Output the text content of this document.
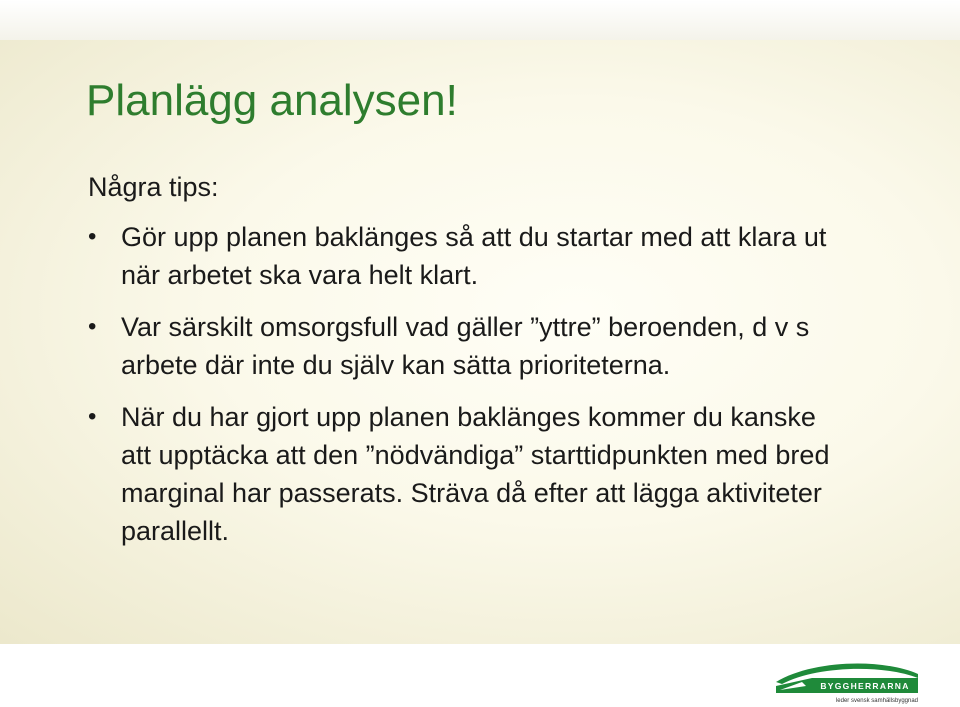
Planlägg analysen!

Några tips:

• Gör upp planen baklänges så att du startar med att klara ut när arbetet ska vara helt klart.
• Var särskilt omsorgsfull vad gäller ”yttre” beroenden, d v s arbete där inte du själv kan sätta prioriteterna.
• När du har gjort upp planen baklänges kommer du kanske att upptäcka att den ”nödvändiga” starttidpunkten med bred marginal har passerats. Sträva då efter att lägga aktiviteter parallellt.
BYGGHERRARNA
leder svensk samhällsbyggnad
